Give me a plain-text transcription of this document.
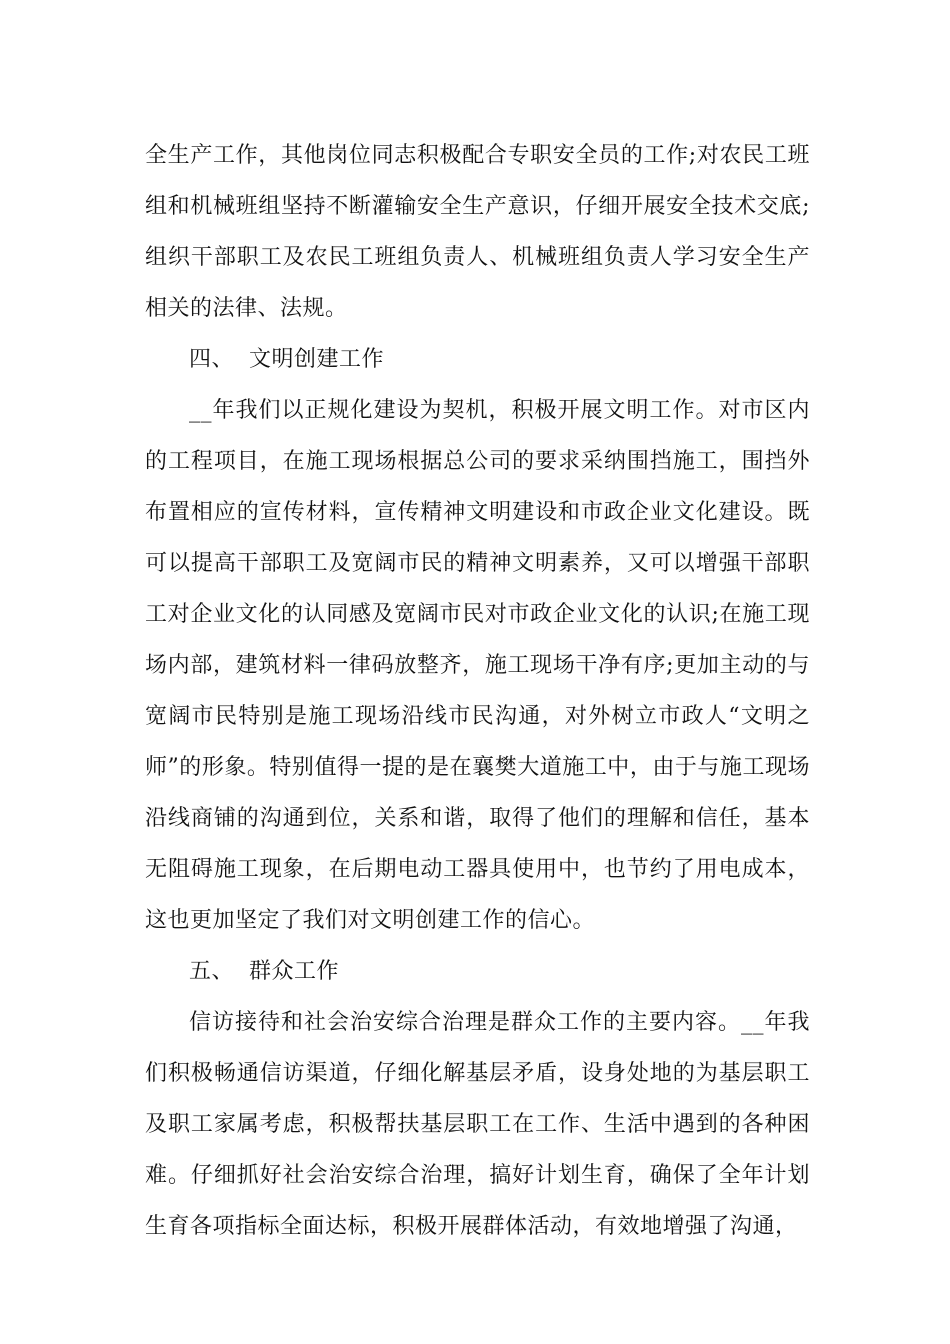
全生产工作，其他岗位同志积极配合专职安全员的工作;对农民工班组和机械班组坚持不断灌输安全生产意识，仔细开展安全技术交底;组织干部职工及农民工班组负责人、机械班组负责人学习安全生产相关的法律、法规。

四、  文明创建工作

__年我们以正规化建设为契机，积极开展文明工作。对市区内的工程项目，在施工现场根据总公司的要求采纳围挡施工，围挡外布置相应的宣传材料，宣传精神文明建设和市政企业文化建设。既可以提高干部职工及宽阔市民的精神文明素养，又可以增强干部职工对企业文化的认同感及宽阔市民对市政企业文化的认识;在施工现场内部，建筑材料一律码放整齐，施工现场干净有序;更加主动的与宽阔市民特别是施工现场沿线市民沟通，对外树立市政人“文明之师”的形象。特别值得一提的是在襄樊大道施工中，由于与施工现场沿线商铺的沟通到位，关系和谐，取得了他们的理解和信任，基本无阻碍施工现象，在后期电动工器具使用中，也节约了用电成本，这也更加坚定了我们对文明创建工作的信心。

五、  群众工作

信访接待和社会治安综合治理是群众工作的主要内容。__年我们积极畅通信访渠道，仔细化解基层矛盾，设身处地的为基层职工及职工家属考虑，积极帮扶基层职工在工作、生活中遇到的各种困难。仔细抓好社会治安综合治理，搞好计划生育，确保了全年计划生育各项指标全面达标，积极开展群体活动，有效地增强了沟通，
